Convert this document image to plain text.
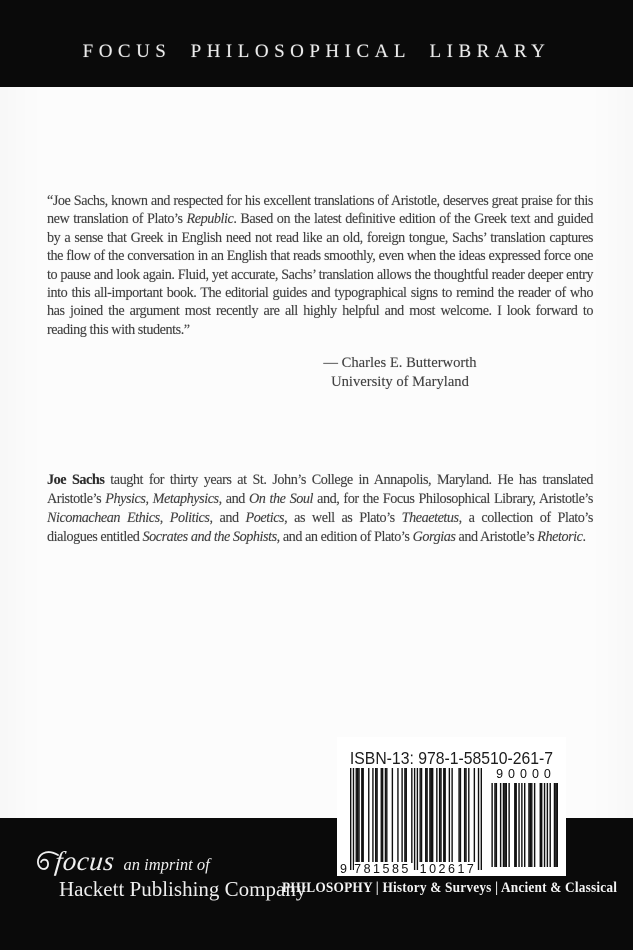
FOCUS PHILOSOPHICAL LIBRARY
“Joe Sachs, known and respected for his excellent translations of Aristotle, deserves great praise for this new translation of Plato’s Republic. Based on the latest definitive edition of the Greek text and guided by a sense that Greek in English need not read like an old, foreign tongue, Sachs’ translation captures the flow of the conversation in an English that reads smoothly, even when the ideas expressed force one to pause and look again. Fluid, yet accurate, Sachs’ translation allows the thoughtful reader deeper entry into this all-important book. The editorial guides and typographical signs to remind the reader of who has joined the argument most recently are all highly helpful and most welcome. I look forward to reading this with students.”
— Charles E. Butterworth
University of Maryland
Joe Sachs taught for thirty years at St. John’s College in Annapolis, Maryland. He has translated Aristotle’s Physics, Metaphysics, and On the Soul and, for the Focus Philosophical Library, Aristotle’s Nicomachean Ethics, Politics, and Poetics, as well as Plato’s Theaetetus, a collection of Plato’s dialogues entitled Socrates and the Sophists, and an edition of Plato’s Gorgias and Aristotle’s Rhetoric.
ISBN-13: 978-1-58510-261-7
9 781585 102617
90000
focus an imprint of
Hackett Publishing Company
PHILOSOPHY | History & Surveys | Ancient & Classical
